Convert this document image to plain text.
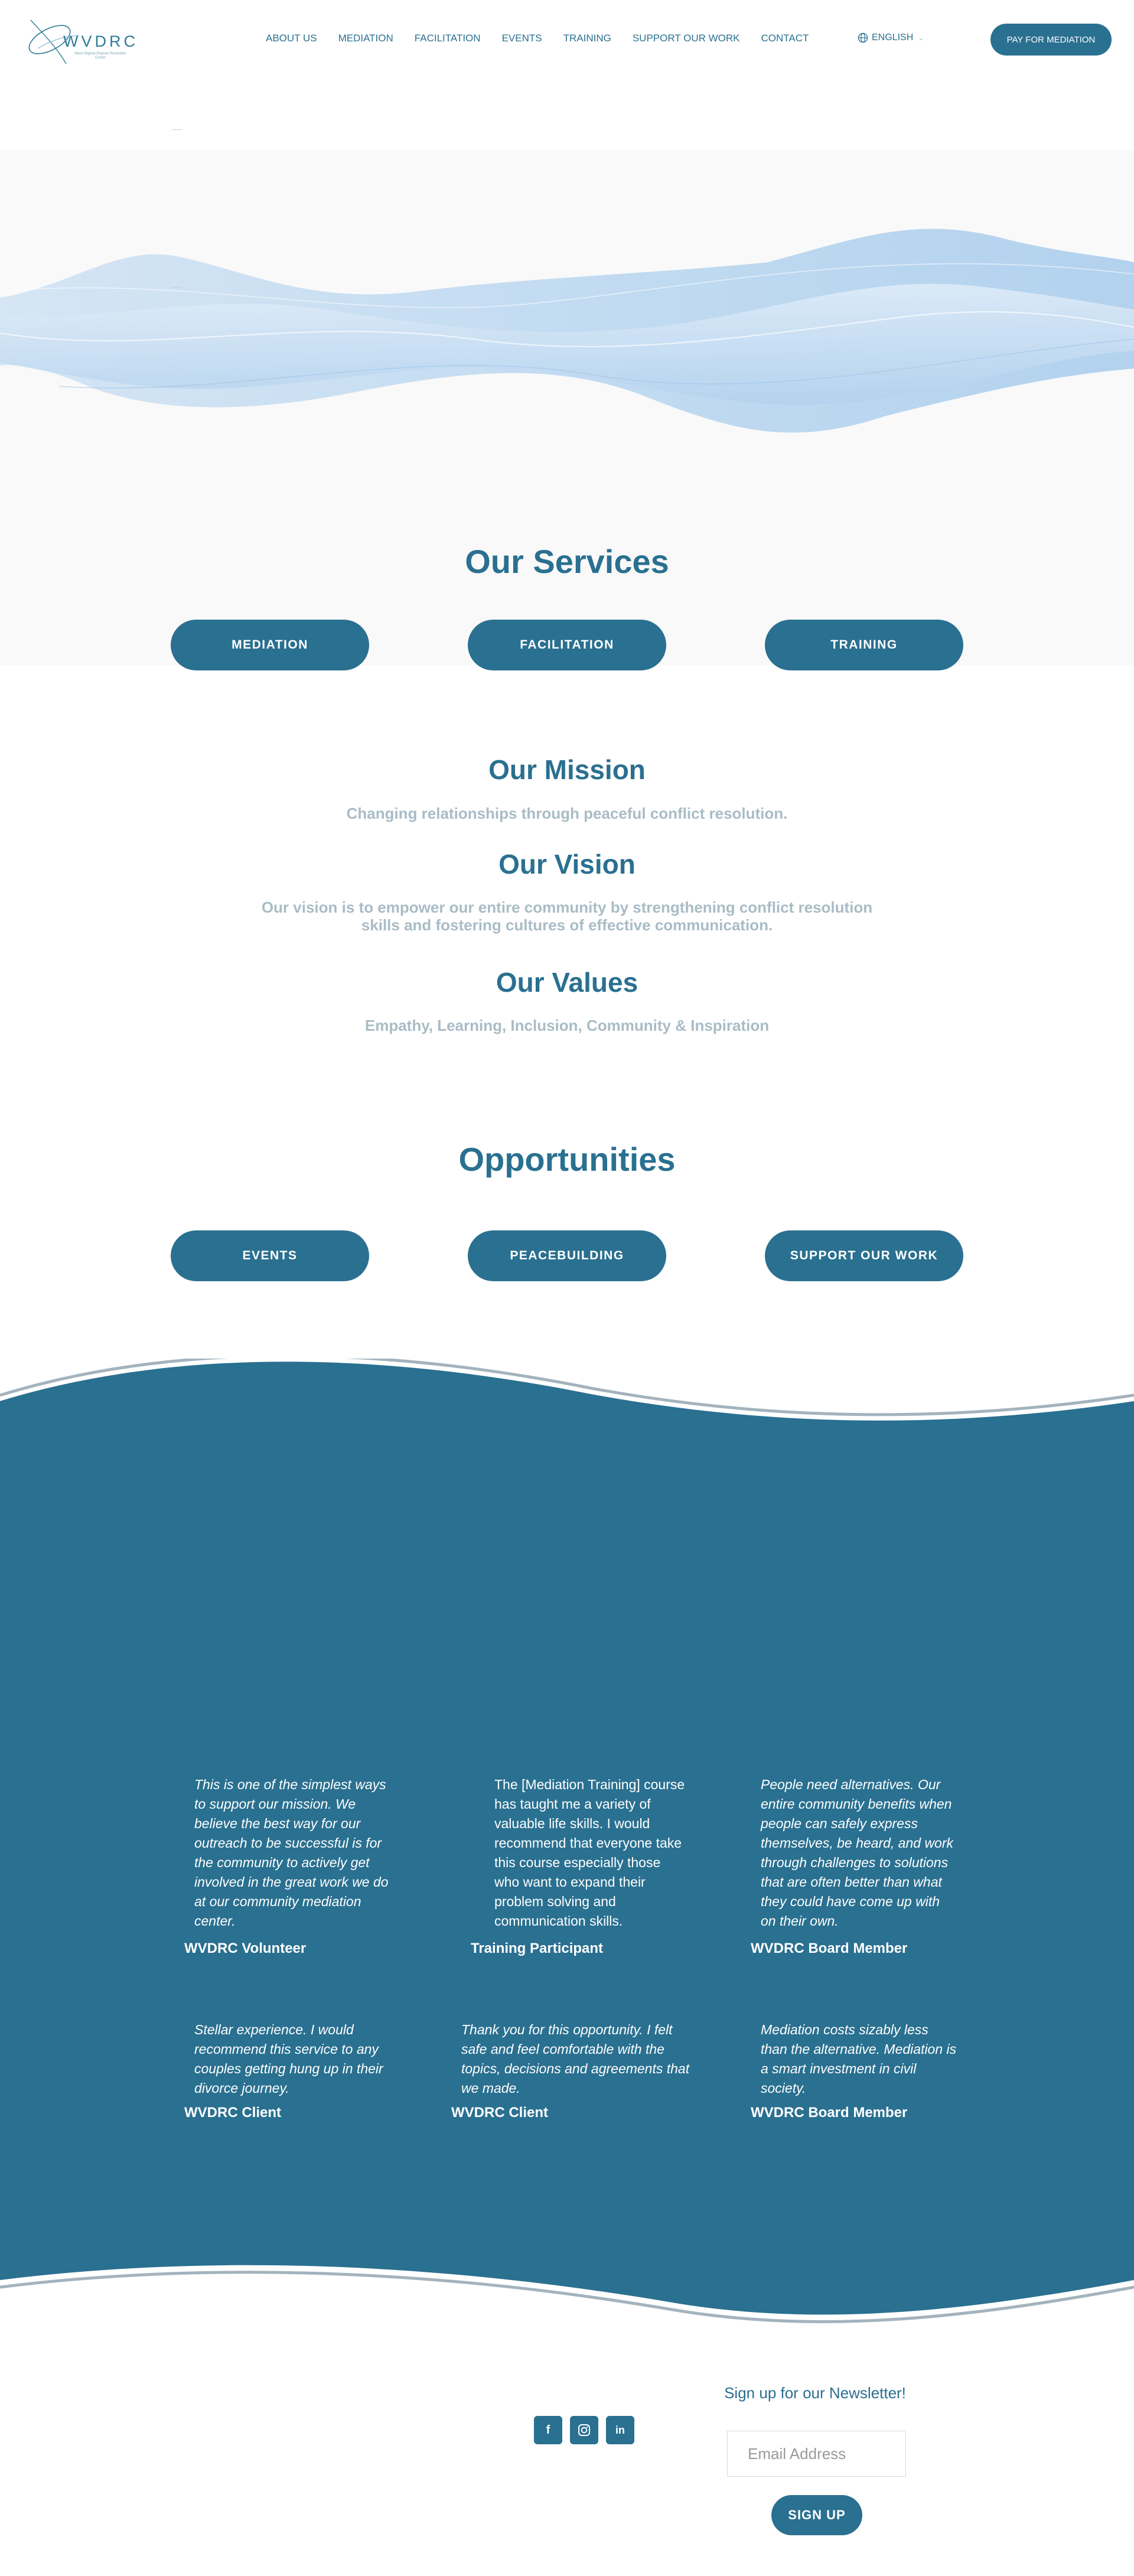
WVDRC
West Virginia Dispute Resolution Center
ABOUT US MEDIATION FACILITATION EVENTS TRAINING SUPPORT OUR WORK CONTACT	ENGLISH ⌄	PAY FOR MEDIATION
Our Services
MEDIATION	FACILITATION	TRAINING
Our Mission
Changing relationships through peaceful conflict resolution.
Our Vision
Our vision is to empower our entire community by strengthening conflict resolution
skills and fostering cultures of effective communication.
Our Values
Empathy, Learning, Inclusion, Community & Inspiration
Opportunities
EVENTS	PEACEBUILDING	SUPPORT OUR WORK
This is one of the simplest ways
to support our mission. We
believe the best way for our
outreach to be successful is for
the community to actively get
involved in the great work we do
at our community mediation
center.
WVDRC Volunteer
The [Mediation Training] course
has taught me a variety of
valuable life skills. I would
recommend that everyone take
this course especially those
who want to expand their
problem solving and
communication skills.
Training Participant
People need alternatives. Our
entire community benefits when
people can safely express
themselves, be heard, and work
through challenges to solutions
that are often better than what
they could have come up with
on their own.
WVDRC Board Member
Stellar experience. I would
recommend this service to any
couples getting hung up in their
divorce journey.
WVDRC Client
Thank you for this opportunity. I felt
safe and feel comfortable with the
topics, decisions and agreements that
we made.
WVDRC Client
Mediation costs sizably less
than the alternative. Mediation is
a smart investment in civil
society.
WVDRC Board Member
f	in
Sign up for our Newsletter!
Email Address
SIGN UP
